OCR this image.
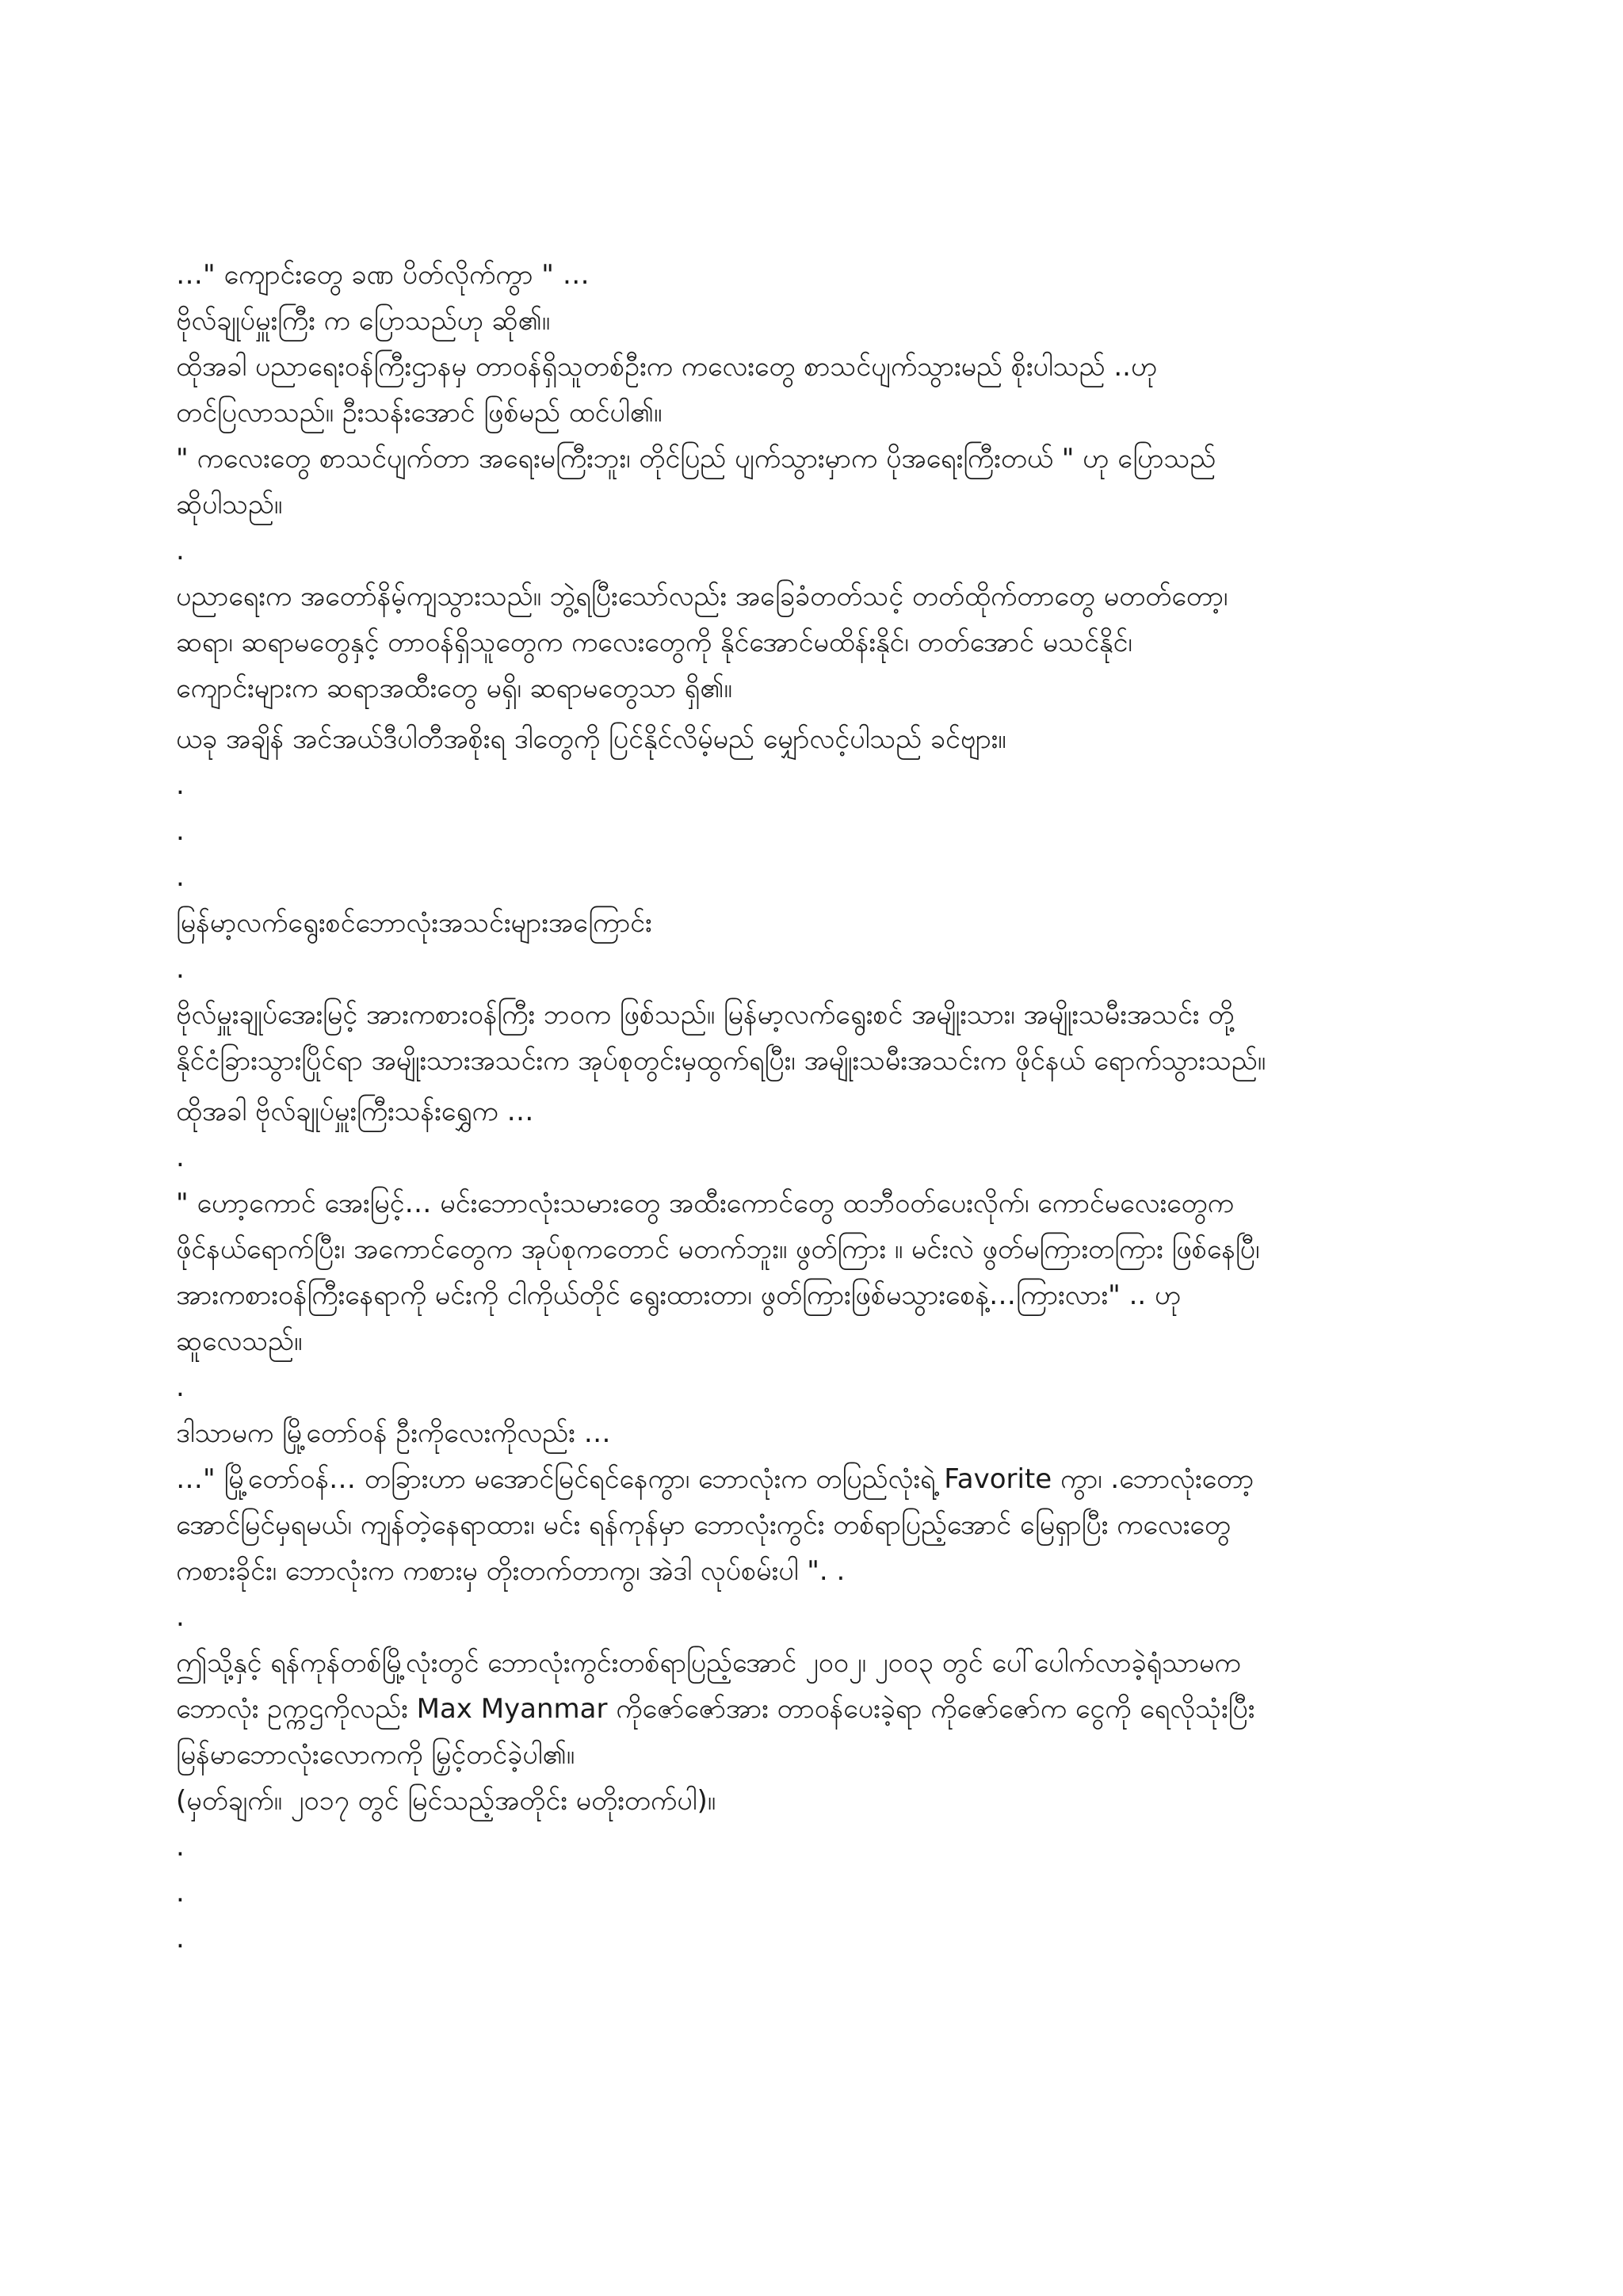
…" ကျောင်းတွေ ခဏ ပိတ်လိုက်ကွာ " …
ဗိုလ်ချုပ်မှူးကြီး က ပြောသည်ဟု ဆို၏။
ထိုအခါ ပညာရေးဝန်ကြီးဌာနမှ တာဝန်ရှိသူတစ်ဦးက ကလေးတွေ စာသင်ပျက်သွားမည် စိုးပါသည် ..ဟု
တင်ပြလာသည်။ ဦးသန်းအောင် ဖြစ်မည် ထင်ပါ၏။
" ကလေးတွေ စာသင်ပျက်တာ အရေးမကြီးဘူး၊ တိုင်ပြည် ပျက်သွားမှာက ပိုအရေးကြီးတယ် " ဟု ပြောသည်
ဆိုပါသည်။
.
ပညာရေးက အတော်နိမ့်ကျသွားသည်။ ဘွဲ့ရပြီးသော်လည်း အခြေခံတတ်သင့် တတ်ထိုက်တာတွေ မတတ်တော့၊
ဆရာ၊ ဆရာမတွေနှင့် တာဝန်ရှိသူတွေက ကလေးတွေကို နိုင်အောင်မထိန်းနိုင်၊ တတ်အောင် မသင်နိုင်၊
ကျောင်းများက ဆရာအထီးတွေ မရှိ၊ ဆရာမတွေသာ ရှိ၏။
ယခု အချိန် အင်အယ်ဒီပါတီအစိုးရ ဒါတွေကို ပြင်နိုင်လိမ့်မည် မျှော်လင့်ပါသည် ခင်ဗျား။
.
.
.
မြန်မာ့လက်ရွေးစင်ဘောလုံးအသင်းများအကြောင်း
.
ဗိုလ်မှူးချုပ်အေးမြင့် အားကစားဝန်ကြီး ဘဝက ဖြစ်သည်။ မြန်မာ့လက်ရွေးစင် အမျိုးသား၊ အမျိုးသမီးအသင်း တို့
နိုင်ငံခြားသွားပြိုင်ရာ အမျိုးသားအသင်းက အုပ်စုတွင်းမှထွက်ရပြီး၊ အမျိုးသမီးအသင်းက ဖိုင်နယ် ရောက်သွားသည်။
ထိုအခါ ဗိုလ်ချုပ်မှူးကြီးသန်းရွှေက …
.
" ဟော့ကောင် အေးမြင့်… မင်းဘောလုံးသမားတွေ အထီးကောင်တွေ ထဘီဝတ်ပေးလိုက်၊ ကောင်မလေးတွေက
ဖိုင်နယ်ရောက်ပြီး၊ အကောင်တွေက အုပ်စုကတောင် မတက်ဘူး။ ဖွတ်ကြား ။ မင်းလဲ ဖွတ်မကြားတကြား ဖြစ်နေပြီ၊
အားကစားဝန်ကြီးနေရာကို မင်းကို ငါကိုယ်တိုင် ရွေးထားတာ၊ ဖွတ်ကြားဖြစ်မသွားစေနဲ့…ကြားလား" .. ဟု
ဆူလေသည်။
.
ဒါသာမက မြို့တော်ဝန် ဦးကိုလေးကိုလည်း …
…" မြို့တော်ဝန်… တခြားဟာ မအောင်မြင်ရင်နေကွာ၊ ဘောလုံးက တပြည်လုံးရဲ့ Favorite ကွာ၊ .ဘောလုံးတော့
အောင်မြင်မှရမယ်၊ ကျန်တဲ့နေရာထား၊ မင်း ရန်ကုန်မှာ ဘောလုံးကွင်း တစ်ရာပြည့်အောင် မြေရှာပြီး ကလေးတွေ
ကစားခိုင်း၊ ဘောလုံးက ကစားမှ တိုးတက်တာကွ၊ အဲဒါ လုပ်စမ်းပါ ". .
.
ဤသို့နှင့် ရန်ကုန်တစ်မြို့လုံးတွင် ဘောလုံးကွင်းတစ်ရာပြည့်အောင် ၂၀၀၂၊ ၂၀၀၃ တွင် ပေါ်ပေါက်လာခဲ့ရုံသာမက
ဘောလုံး ဥက္ကဌကိုလည်း Max Myanmar ကိုဇော်ဇော်အား တာဝန်ပေးခဲ့ရာ ကိုဇော်ဇော်က ငွေကို ရေလိုသုံးပြီး
မြန်မာဘောလုံးလောကကို မြှင့်တင်ခဲ့ပါ၏။
(မှတ်ချက်။ ၂၀၁၇ တွင် မြင်သည့်အတိုင်း မတိုးတက်ပါ)။
.
.
.
